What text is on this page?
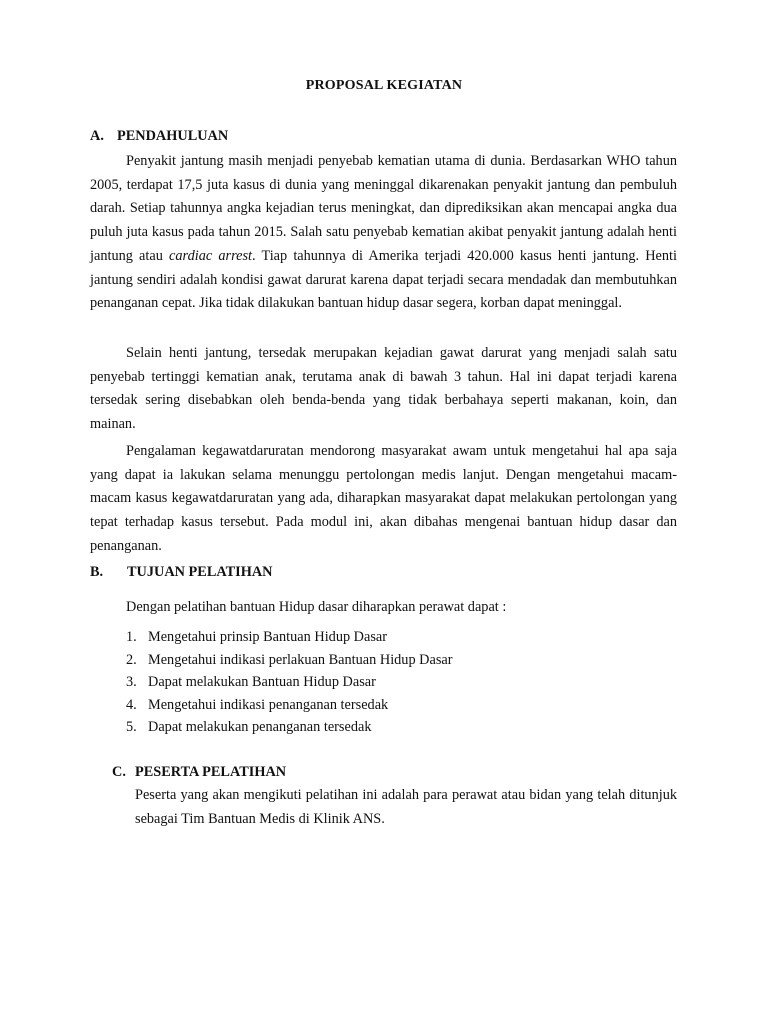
PROPOSAL KEGIATAN
A. PENDAHULUAN

Penyakit jantung masih menjadi penyebab kematian utama di dunia. Berdasarkan WHO tahun 2005, terdapat 17,5 juta kasus di dunia yang meninggal dikarenakan penyakit jantung dan pembuluh darah. Setiap tahunnya angka kejadian terus meningkat, dan diprediksikan akan mencapai angka dua puluh juta kasus pada tahun 2015. Salah satu penyebab kematian akibat penyakit jantung adalah henti jantung atau cardiac arrest. Tiap tahunnya di Amerika terjadi 420.000 kasus henti jantung. Henti jantung sendiri adalah kondisi gawat darurat karena dapat terjadi secara mendadak dan membutuhkan penanganan cepat. Jika tidak dilakukan bantuan hidup dasar segera, korban dapat meninggal.

Selain henti jantung, tersedak merupakan kejadian gawat darurat yang menjadi salah satu penyebab tertinggi kematian anak, terutama anak di bawah 3 tahun. Hal ini dapat terjadi karena tersedak sering disebabkan oleh benda-benda yang tidak berbahaya seperti makanan, koin, dan mainan.

Pengalaman kegawatdaruratan mendorong masyarakat awam untuk mengetahui hal apa saja yang dapat ia lakukan selama menunggu pertolongan medis lanjut. Dengan mengetahui macam-macam kasus kegawatdaruratan yang ada, diharapkan masyarakat dapat melakukan pertolongan yang tepat terhadap kasus tersebut. Pada modul ini, akan dibahas mengenai bantuan hidup dasar dan penanganan.

B. TUJUAN PELATIHAN
Dengan pelatihan bantuan Hidup dasar diharapkan perawat dapat :
1. Mengetahui prinsip Bantuan Hidup Dasar
2. Mengetahui indikasi perlakuan Bantuan Hidup Dasar
3. Dapat melakukan Bantuan Hidup Dasar
4. Mengetahui indikasi penanganan tersedak
5. Dapat melakukan penanganan tersedak
C. PESERTA PELATIHAN

Peserta yang akan mengikuti pelatihan ini adalah para perawat atau bidan yang telah ditunjuk sebagai Tim Bantuan Medis di Klinik ANS.
